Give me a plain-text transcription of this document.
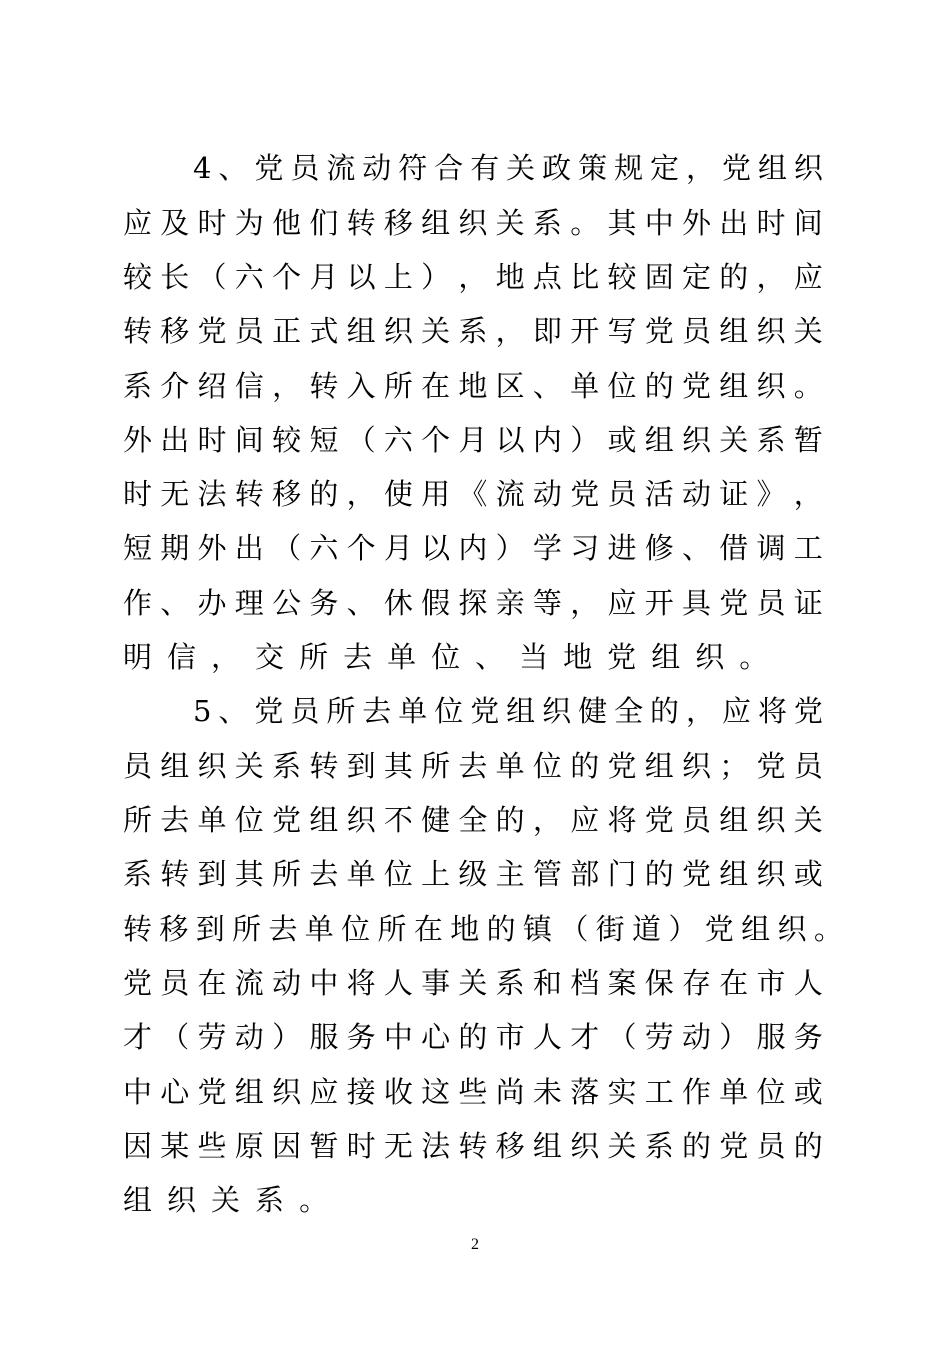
4 、 党 员 流 动 符 合 有 关 政 策 规 定 ， 党 组 织
应 及 时 为 他 们 转 移 组 织 关 系 。 其 中 外 出 时 间
较 长 （ 六 个 月 以 上 ） ， 地 点 比 较 固 定 的 ， 应
转 移 党 员 正 式 组 织 关 系 ， 即 开 写 党 员 组 织 关
系 介 绍 信 ， 转 入 所 在 地 区 、 单 位 的 党 组 织 。
外 出 时 间 较 短 （ 六 个 月 以 内 ） 或 组 织 关 系 暂
时 无 法 转 移 的 ， 使 用 《 流 动 党 员 活 动 证 》 ，
短 期 外 出 （ 六 个 月 以 内 ） 学 习 进 修 、 借 调 工
作 、 办 理 公 务 、 休 假 探 亲 等 ， 应 开 具 党 员 证
明 信 ， 交 所 去 单 位 、 当 地 党 组 织 。
5 、 党 员 所 去 单 位 党 组 织 健 全 的 ， 应 将 党
员 组 织 关 系 转 到 其 所 去 单 位 的 党 组 织 ； 党 员
所 去 单 位 党 组 织 不 健 全 的 ， 应 将 党 员 组 织 关
系 转 到 其 所 去 单 位 上 级 主 管 部 门 的 党 组 织 或
转 移 到 所 去 单 位 所 在 地 的 镇 （ 街 道 ） 党 组 织 。
党 员 在 流 动 中 将 人 事 关 系 和 档 案 保 存 在 市 人
才 （ 劳 动 ） 服 务 中 心 的 市 人 才 （ 劳 动 ） 服 务
中 心 党 组 织 应 接 收 这 些 尚 未 落 实 工 作 单 位 或
因 某 些 原 因 暂 时 无 法 转 移 组 织 关 系 的 党 员 的
组 织 关 系 。
2
